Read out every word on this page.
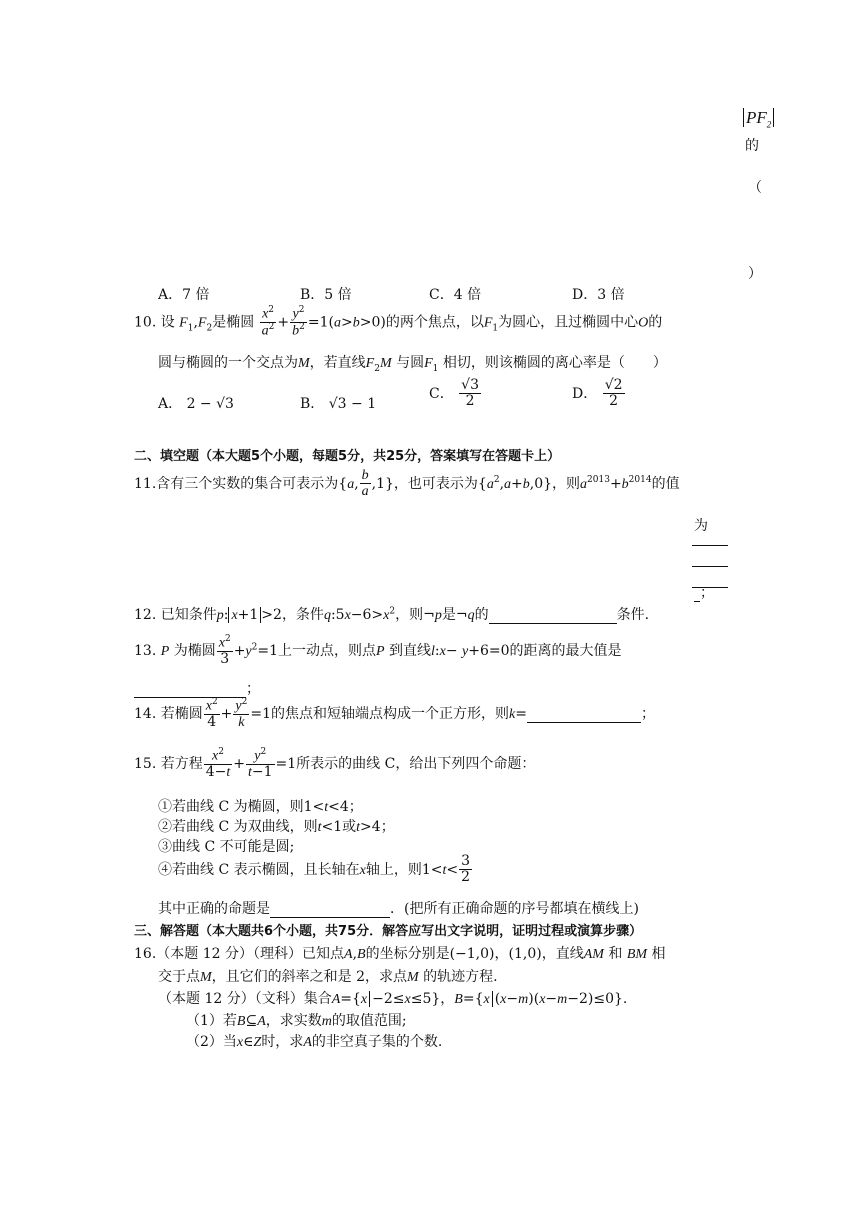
$PF_2$
的
（
）
A．7 倍	B．5 倍	C．4 倍	D．3 倍
10. 设 $F_1,F_2$是椭圆 $\frac{x^2}{a^2} + \frac{y^2}{b^2} =1(a>b>0)$的两个焦点，以$F_1$为圆心，且过椭圆中心O的
圆与椭圆的一个交点为M，若直线$F_2M$ 与圆$F_1$ 相切，则该椭圆的离心率是（　　）
A． 2 − √3	B． √3 − 1
C． $\frac{√3}{2}$	D． $\frac{√2}{2}$
二、填空题（本大题5个小题，每题5分，共25分，答案填写在答题卡上）
11.含有三个实数的集合可表示为{a, $\frac{b}{a} ,1$}，也可表示为$\{a^2,a+b,0\}$，则$a^{2013}+b^{2014}$的值
为
；
12. 已知条件p: x+1 >2，条件$q:5x-6>x^2$，则¬p是¬q的	条件.
13. P 为椭圆 $\frac{x^2}{3} +y^2=1$上一动点，则点P 到直线l:x− y+6=0的距离的最大值是
；
14. 若椭圆 $\frac{x^2}{4} + \frac{y^2}{k} =1$的焦点和短轴端点构成一个正方形，则k=	；
15. 若方程 $\frac{x^2}{4-t} + \frac{y^2}{t-1} =1$所表示的曲线 C，给出下列四个命题：
①若曲线 C 为椭圆，则1<t<4；
②若曲线 C 为双曲线，则t<1或t>4；
③曲线 C 不可能是圆;
④若曲线 C 表示椭圆，且长轴在x轴上，则$1<t< \frac{3}{2}$
其中正确的命题是	．(把所有正确命题的序号都填在横线上)
三、解答题（本大题共6个小题，共75分．解答应写出文字说明，证明过程或演算步骤）
16.（本题 12 分）（理科）已知点A,B的坐标分别是(−1,0)，(1,0)，直线AM 和 BM 相
交于点M，且它们的斜率之和是 2，求点M 的轨迹方程.
（本题 12 分）（文科）集合A={x −2≤x≤5}，B={x (x−m)(x−m−2)≤0}.
（1）若B⊆A，求实数m的取值范围;
（2）当x∈Z时，求A的非空真子集的个数.
